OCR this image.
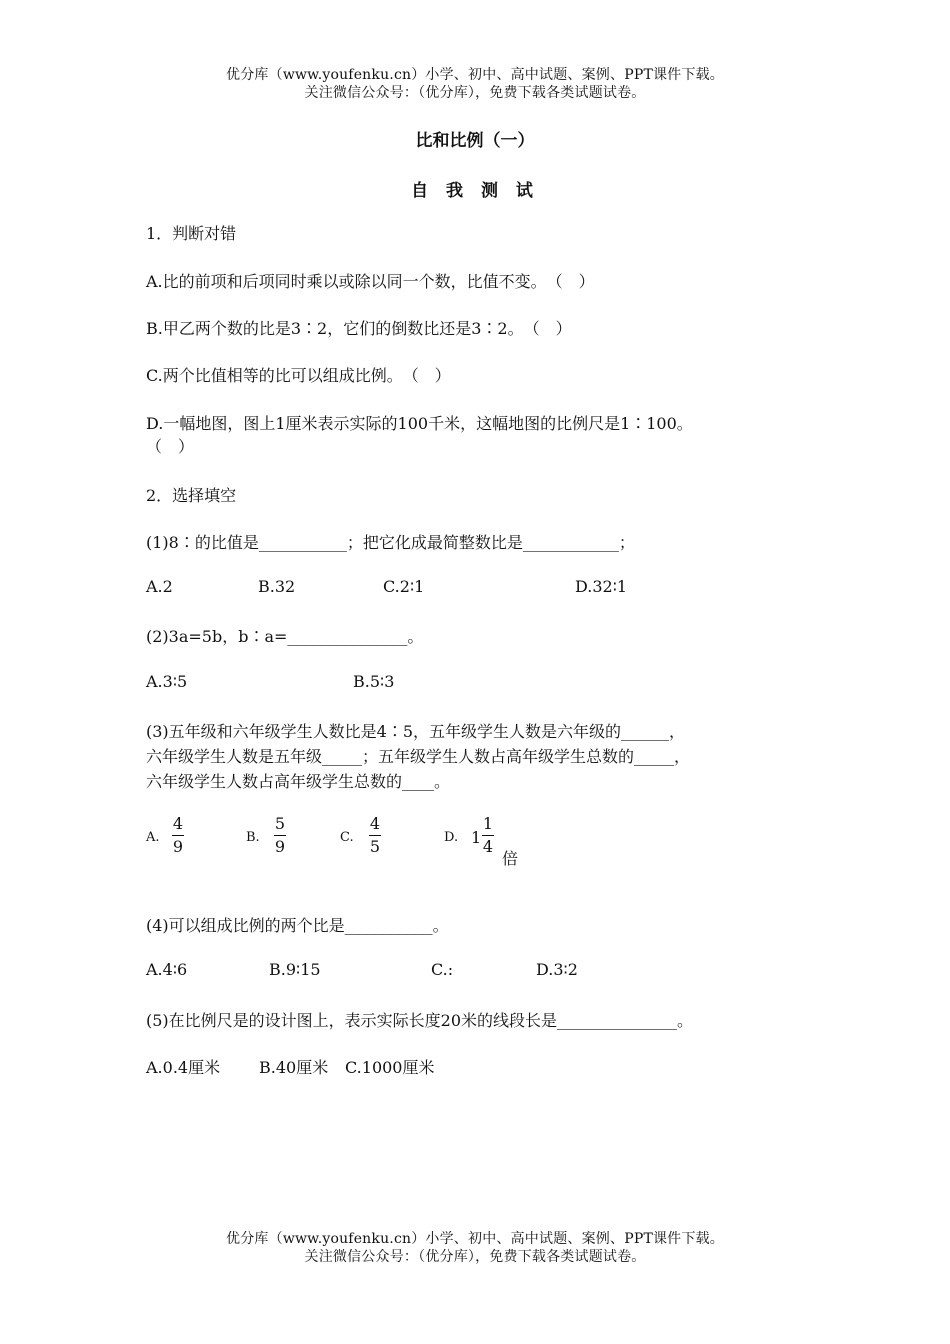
优分库（www.youfenku.cn）小学、初中、高中试题、案例、PPT课件下载。
关注微信公众号：（优分库），免费下载各类试题试卷。
比和比例（一）
自 我 测 试
1．判断对错
A.比的前项和后项同时乘以或除以同一个数，比值不变。　（　）
B.甲乙两个数的比是3∶2，它们的倒数比还是3∶2。　（　）
C.两个比值相等的比可以组成比例。　（　）
D.一幅地图，图上1厘米表示实际的100千米，这幅地图的比例尺是1∶100。
（　）
2．选择填空
(1)8∶的比值是___________；把它化成最简整数比是____________；
A.2	B.32	C.2∶1	D.32∶1
(2)3a=5b，b∶a=_______________。
A.3∶5	B.5∶3
(3)五年级和六年级学生人数比是4∶5，五年级学生人数是六年级的______，
六年级学生人数是五年级_____；五年级学生人数占高年级学生总数的_____，
六年级学生人数占高年级学生总数的____。
A.
4
9	B.
5
9	C.
4
5	D. 1
1
4
倍
(4)可以组成比例的两个比是___________。
A.4∶6	B.9∶15	C.:	D.3∶2
(5)在比例尺是的设计图上，表示实际长度20米的线段长是_______________。
A.0.4厘米 B.40厘米 C.1000厘米
优分库（www.youfenku.cn）小学、初中、高中试题、案例、PPT课件下载。
关注微信公众号：（优分库），免费下载各类试题试卷。
